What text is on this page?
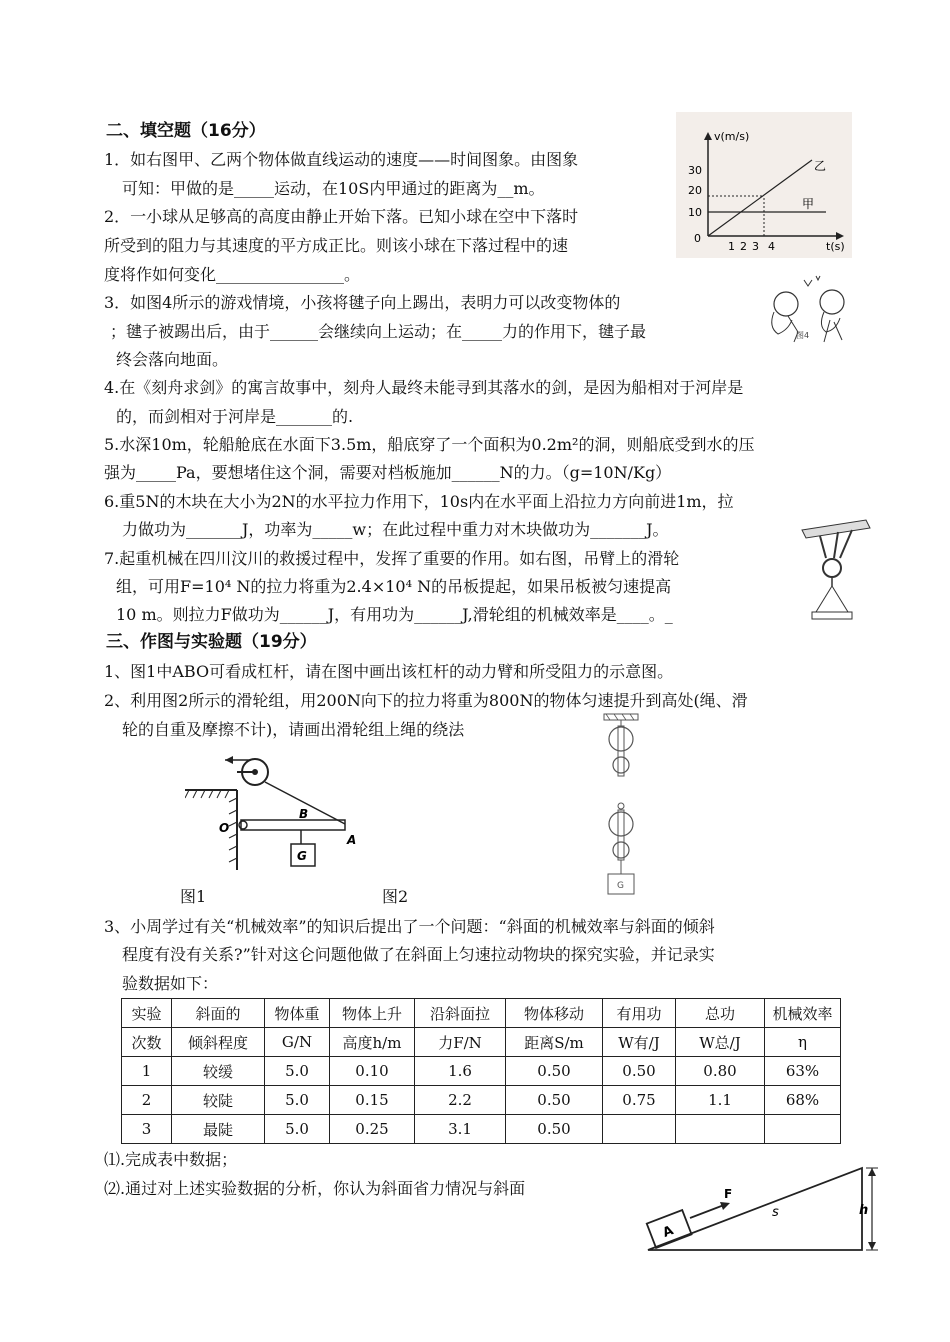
二、填空题（16分）
1．如右图甲、乙两个物体做直线运动的速度——时间图象。由图象
可知：甲做的是_____运动，在10S内甲通过的距离为__m。
2．一小球从足够高的高度由静止开始下落。已知小球在空中下落时
所受到的阻力与其速度的平方成正比。则该小球在下落过程中的速
度将作如何变化________________。
3．如图4所示的游戏情境，小孩将毽子向上踢出，表明力可以改变物体的
；毽子被踢出后，由于______会继续向上运动；在_____力的作用下，毽子最
终会落向地面。
4.在《刻舟求剑》的寓言故事中，刻舟人最终未能寻到其落水的剑，是因为船相对于河岸是
的，而剑相对于河岸是_______的.
5.水深10m，轮船舱底在水面下3.5m，船底穿了一个面积为0.2m²的洞，则船底受到水的压
强为_____Pa，要想堵住这个洞，需要对档板施加______N的力。（g=10N/Kg）
6.重5N的木块在大小为2N的水平拉力作用下，10s内在水平面上沿拉力方向前进1m，拉
力做功为_______J，功率为_____w；在此过程中重力对木块做功为_______J。
7.起重机械在四川汶川的救援过程中，发挥了重要的作用。如右图，吊臂上的滑轮
组，可用F=10⁴ N的拉力将重为2.4×10⁴ N的吊板提起，如果吊板被匀速提高
10 m。则拉力F做功为______J，有用功为______J,滑轮组的机械效率是____。_
v(m/s)
t(s)
30
20
10
0
1 2 3 4
乙
甲
图4
三、作图与实验题（19分）
1、图1中ABO可看成杠杆，请在图中画出该杠杆的动力臂和所受阻力的示意图。
2、利用图2所示的滑轮组，用200N向下的拉力将重为800N的物体匀速提升到高处(绳、滑
轮的自重及摩擦不计)，请画出滑轮组上绳的绕法
O
B
A
G
图1	图2
G
3、小周学过有关“机械效率”的知识后提出了一个问题：“斜面的机械效率与斜面的倾斜
程度有没有关系?”针对这仑问题他做了在斜面上匀速拉动物块的探究实验，并记录实
验数据如下：
实验	斜面的	物体重	物体上升	沿斜面拉	物体移动	有用功	总功	机械效率
次数	倾斜程度	G/N	高度h/m	力F/N	距离S/m	W有/J	W总/J	η
1	较缓	5.0	0.10	1.6	0.50	0.50	0.80	63%
2	较陡	5.0	0.15	2.2	0.50	0.75	1.1	68%
3	最陡	5.0	0.25	3.1	0.50			
⑴.完成表中数据；
⑵.通过对上述实验数据的分析，你认为斜面省力情况与斜面
A
F
s	h
